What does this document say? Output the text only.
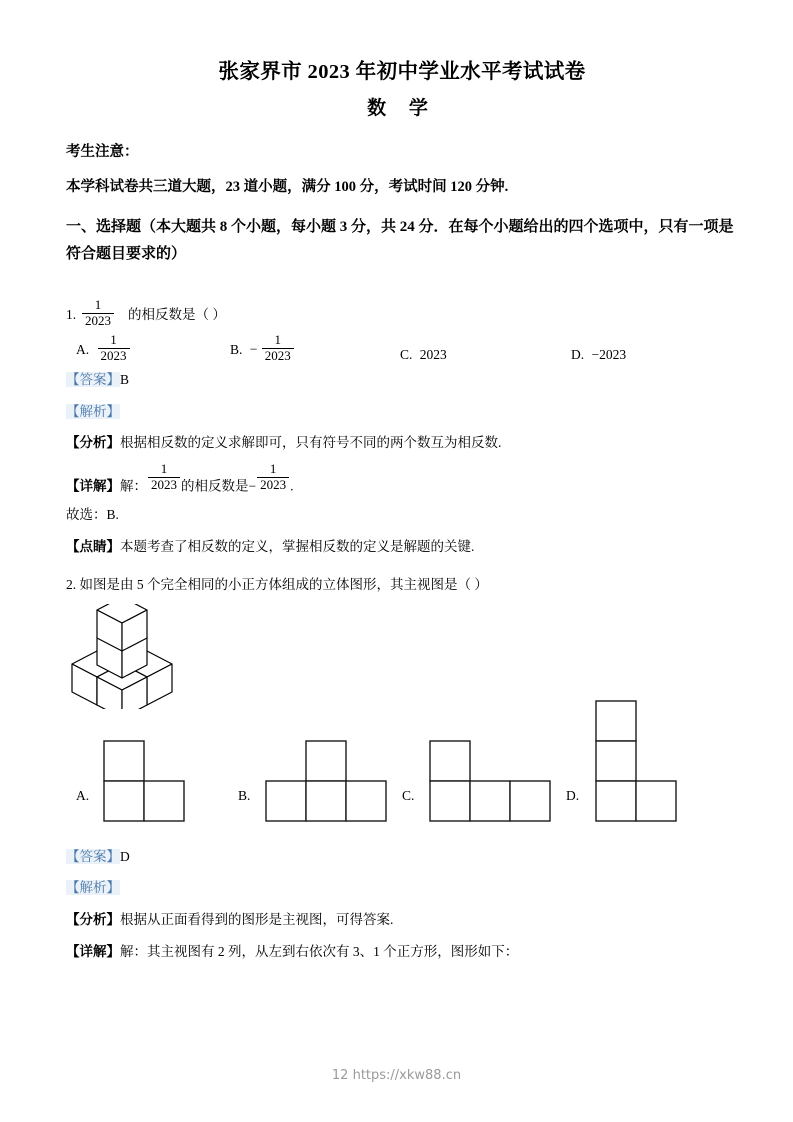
张家界市 2023 年初中学业水平考试试卷
数 学
考生注意：
本学科试卷共三道大题，23 道小题，满分 100 分，考试时间 120 分钟.
一、选择题（本大题共 8 个小题，每小题 3 分，共 24 分．在每个小题给出的四个选项中，只有一项是符合题目要求的）
1. $\frac{1}{2023}$ 的相反数是（ ）
A. $\frac{1}{2023}$	B. − $\frac{1}{2023}$	C. 2023	D. −2023
【答案】B
【解析】
【分析】根据相反数的定义求解即可，只有符号不同的两个数互为相反数.
【详解】解： $\frac{1}{2023}$ 的相反数是− $\frac{1}{2023}$ .
故选：B.
【点睛】本题考查了相反数的定义，掌握相反数的定义是解题的关键.
2. 如图是由 5 个完全相同的小正方体组成的立体图形，其主视图是（ ）
A.	B.	C.	D.
【答案】D
【解析】
【分析】根据从正面看得到的图形是主视图，可得答案.
【详解】解：其主视图有 2 列，从左到右依次有 3、1 个正方形，图形如下：
12 https://xkw88.cn
